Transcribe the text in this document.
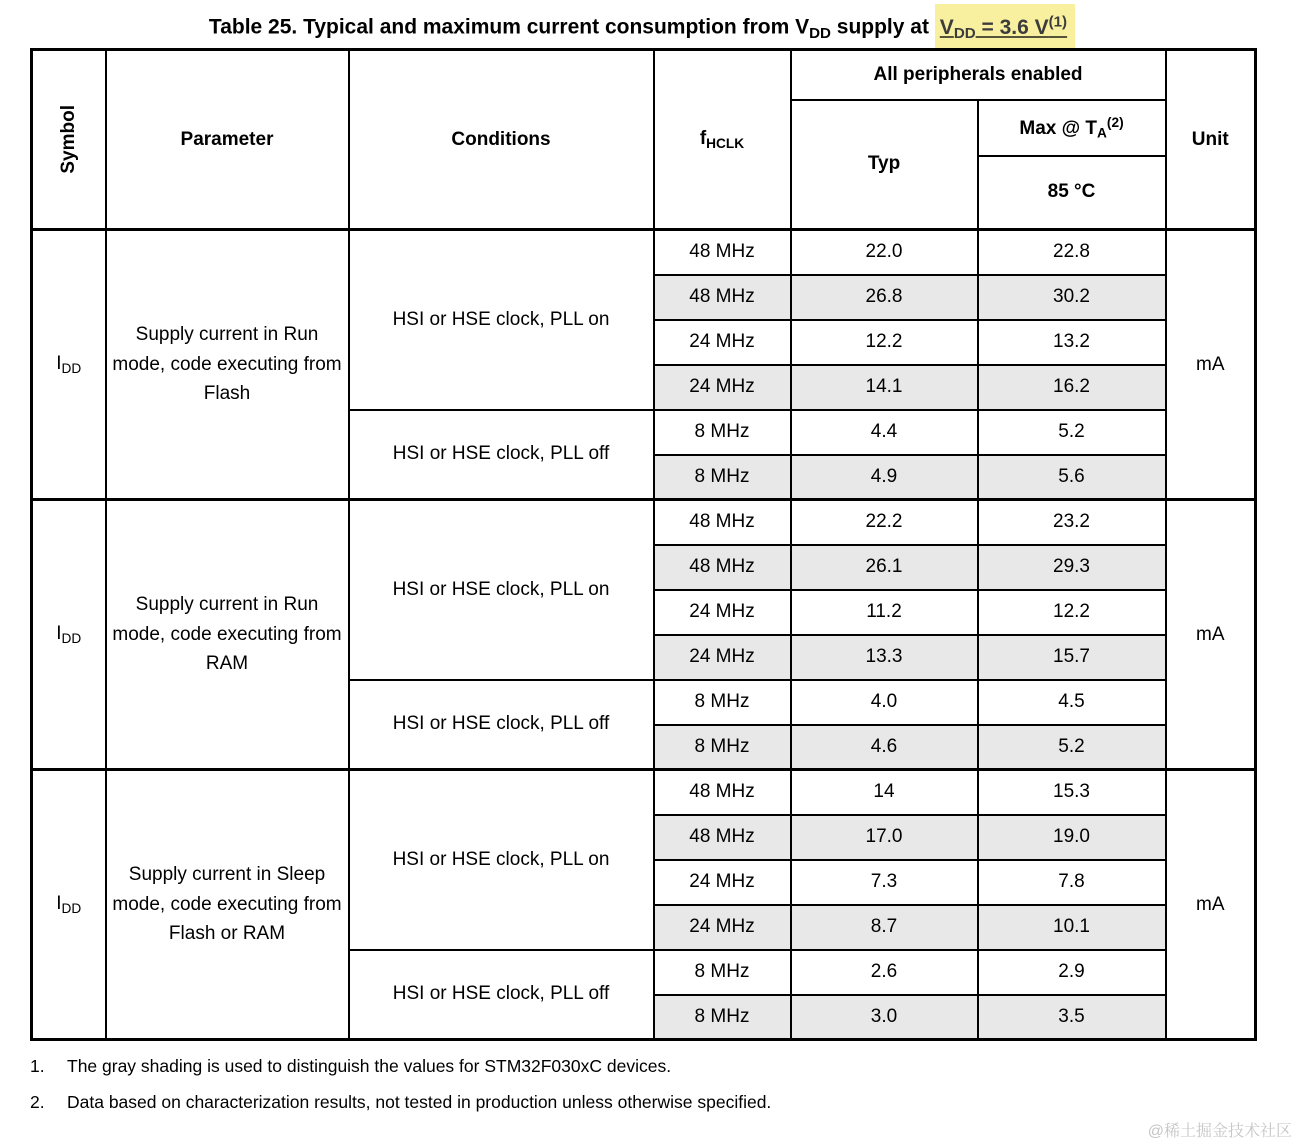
Table 25. Typical and maximum current consumption from $V_{DD}$ supply at $V_{DD} = 3.6$ $V^{(1)}$
Symbol	Parameter	Conditions	$f_{HCLK}$	All peripherals enabled		Unit
				Typ	Max @ $T_A^{(2)}$
					85 °C	
$I_{DD}$	Supply current in Run mode, code executing from Flash	HSI or HSE clock, PLL on	48 MHz	22.0	22.8	mA
			48 MHz	26.8	30.2	
			24 MHz	12.2	13.2	
			24 MHz	14.1	16.2	
		HSI or HSE clock, PLL off	8 MHz	4.4	5.2	
			8 MHz	4.9	5.6	
$I_{DD}$	Supply current in Run mode, code executing from RAM	HSI or HSE clock, PLL on	48 MHz	22.2	23.2	mA
			48 MHz	26.1	29.3	
			24 MHz	11.2	12.2	
			24 MHz	13.3	15.7	
		HSI or HSE clock, PLL off	8 MHz	4.0	4.5	
			8 MHz	4.6	5.2	
$I_{DD}$	Supply current in Sleep mode, code executing from Flash or RAM	HSI or HSE clock, PLL on	48 MHz	14	15.3	mA
			48 MHz	17.0	19.0	
			24 MHz	7.3	7.8	
			24 MHz	8.7	10.1	
		HSI or HSE clock, PLL off	8 MHz	2.6	2.9	
			8 MHz	3.0	3.5	
1.	The gray shading is used to distinguish the values for STM32F030xC devices.
2.	Data based on characterization results, not tested in production unless otherwise specified.
@稀土掘金技术社区
